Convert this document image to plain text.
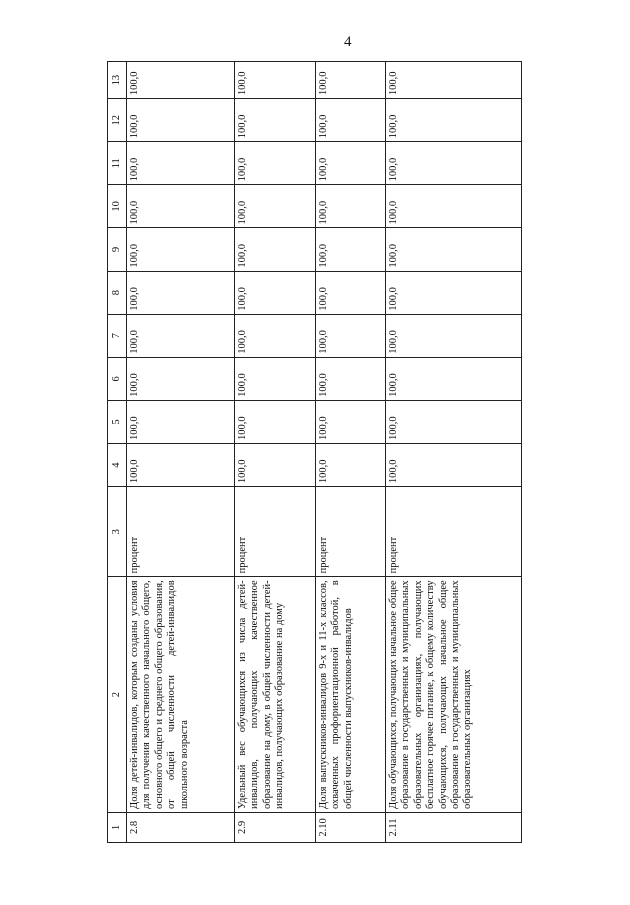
4
1	2	3	4	5	6	7	8	9	10	11	12	13
2.8	Доля детей-инвалидов, которым созданы условия для получения качественного начального общего, основного общего и среднего общего образования, от общей численности детей-инвалидов школьного возраста	процент	100,0	100,0	100,0	100,0	100,0	100,0	100,0	100,0	100,0	100,0
2.9	Удельный вес обучающихся из числа детей-инвалидов, получающих качественное образование на дому, в общей численности детей-инвалидов, получающих образование на дому	процент	100,0	100,0	100,0	100,0	100,0	100,0	100,0	100,0	100,0	100,0
2.10	Доля выпускников-инвалидов 9-х и 11-х классов, охваченных профориентационной работой, в общей численности выпускников-инвалидов	процент	100,0	100,0	100,0	100,0	100,0	100,0	100,0	100,0	100,0	100,0
2.11	Доля обучающихся, получающих начальное общее образование в государственных и муниципальных образовательных организациях, получающих бесплатное горячее питание, к общему количеству обучающихся, получающих начальное общее образование в государственных и муниципальных образовательных организациях	процент	100,0	100,0	100,0	100,0	100,0	100,0	100,0	100,0	100,0	100,0
